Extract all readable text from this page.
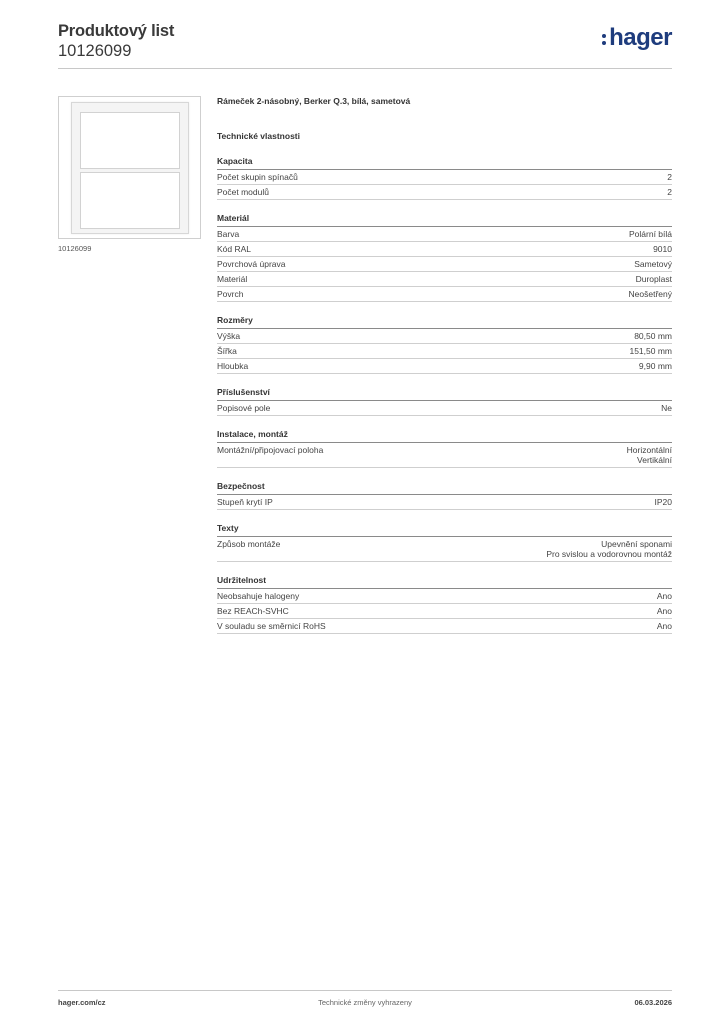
Produktový list
10126099	hager
10126099
Rámeček 2-násobný, Berker Q.3, bílá, sametová
Technické vlastnosti
Kapacita
Počet skupin spínačů	2
Počet modulů	2
Materiál
Barva	Polární bílá
Kód RAL	9010
Povrchová úprava	Sametový
Materiál	Duroplast
Povrch	Neošetřený
Rozměry
Výška	80,50 mm
Šířka	151,50 mm
Hloubka	9,90 mm
Příslušenství
Popisové pole	Ne
Instalace, montáž
Montážní/připojovací poloha	Horizontální
Vertikální
Bezpečnost
Stupeň krytí IP	IP20
Texty
Způsob montáže	Upevnění sponami
Pro svislou a vodorovnou montáž
Udržitelnost
Neobsahuje halogeny	Ano
Bez REACh-SVHC	Ano
V souladu se směrnicí RoHS	Ano
hager.com/cz	Technické změny vyhrazeny	06.03.2026
